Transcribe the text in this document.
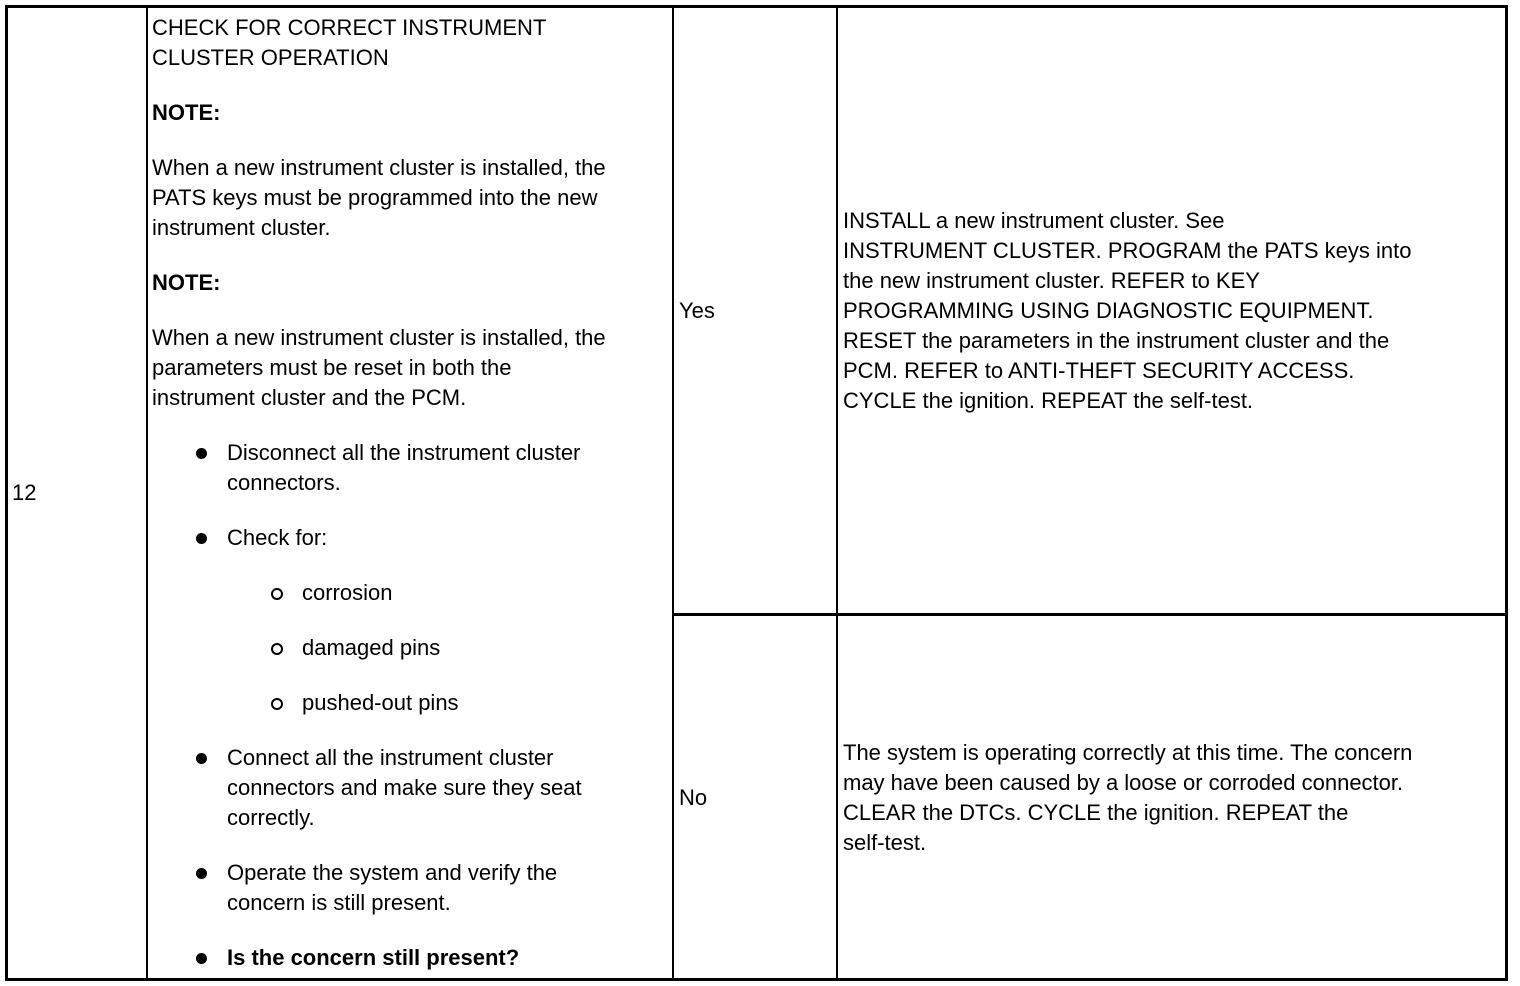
12
CHECK FOR CORRECT INSTRUMENT
CLUSTER OPERATION
NOTE:
When a new instrument cluster is installed, the
PATS keys must be programmed into the new
instrument cluster.
NOTE:
When a new instrument cluster is installed, the
parameters must be reset in both the
instrument cluster and the PCM.
Disconnect all the instrument cluster
connectors.
Check for:
corrosion
damaged pins
pushed-out pins
Connect all the instrument cluster
connectors and make sure they seat
correctly.
Operate the system and verify the
concern is still present.
Is the concern still present?
Yes
INSTALL a new instrument cluster. See
INSTRUMENT CLUSTER. PROGRAM the PATS keys into
the new instrument cluster. REFER to KEY
PROGRAMMING USING DIAGNOSTIC EQUIPMENT.
RESET the parameters in the instrument cluster and the
PCM. REFER to ANTI-THEFT SECURITY ACCESS.
CYCLE the ignition. REPEAT the self-test.
No
The system is operating correctly at this time. The concern
may have been caused by a loose or corroded connector.
CLEAR the DTCs. CYCLE the ignition. REPEAT the
self-test.
